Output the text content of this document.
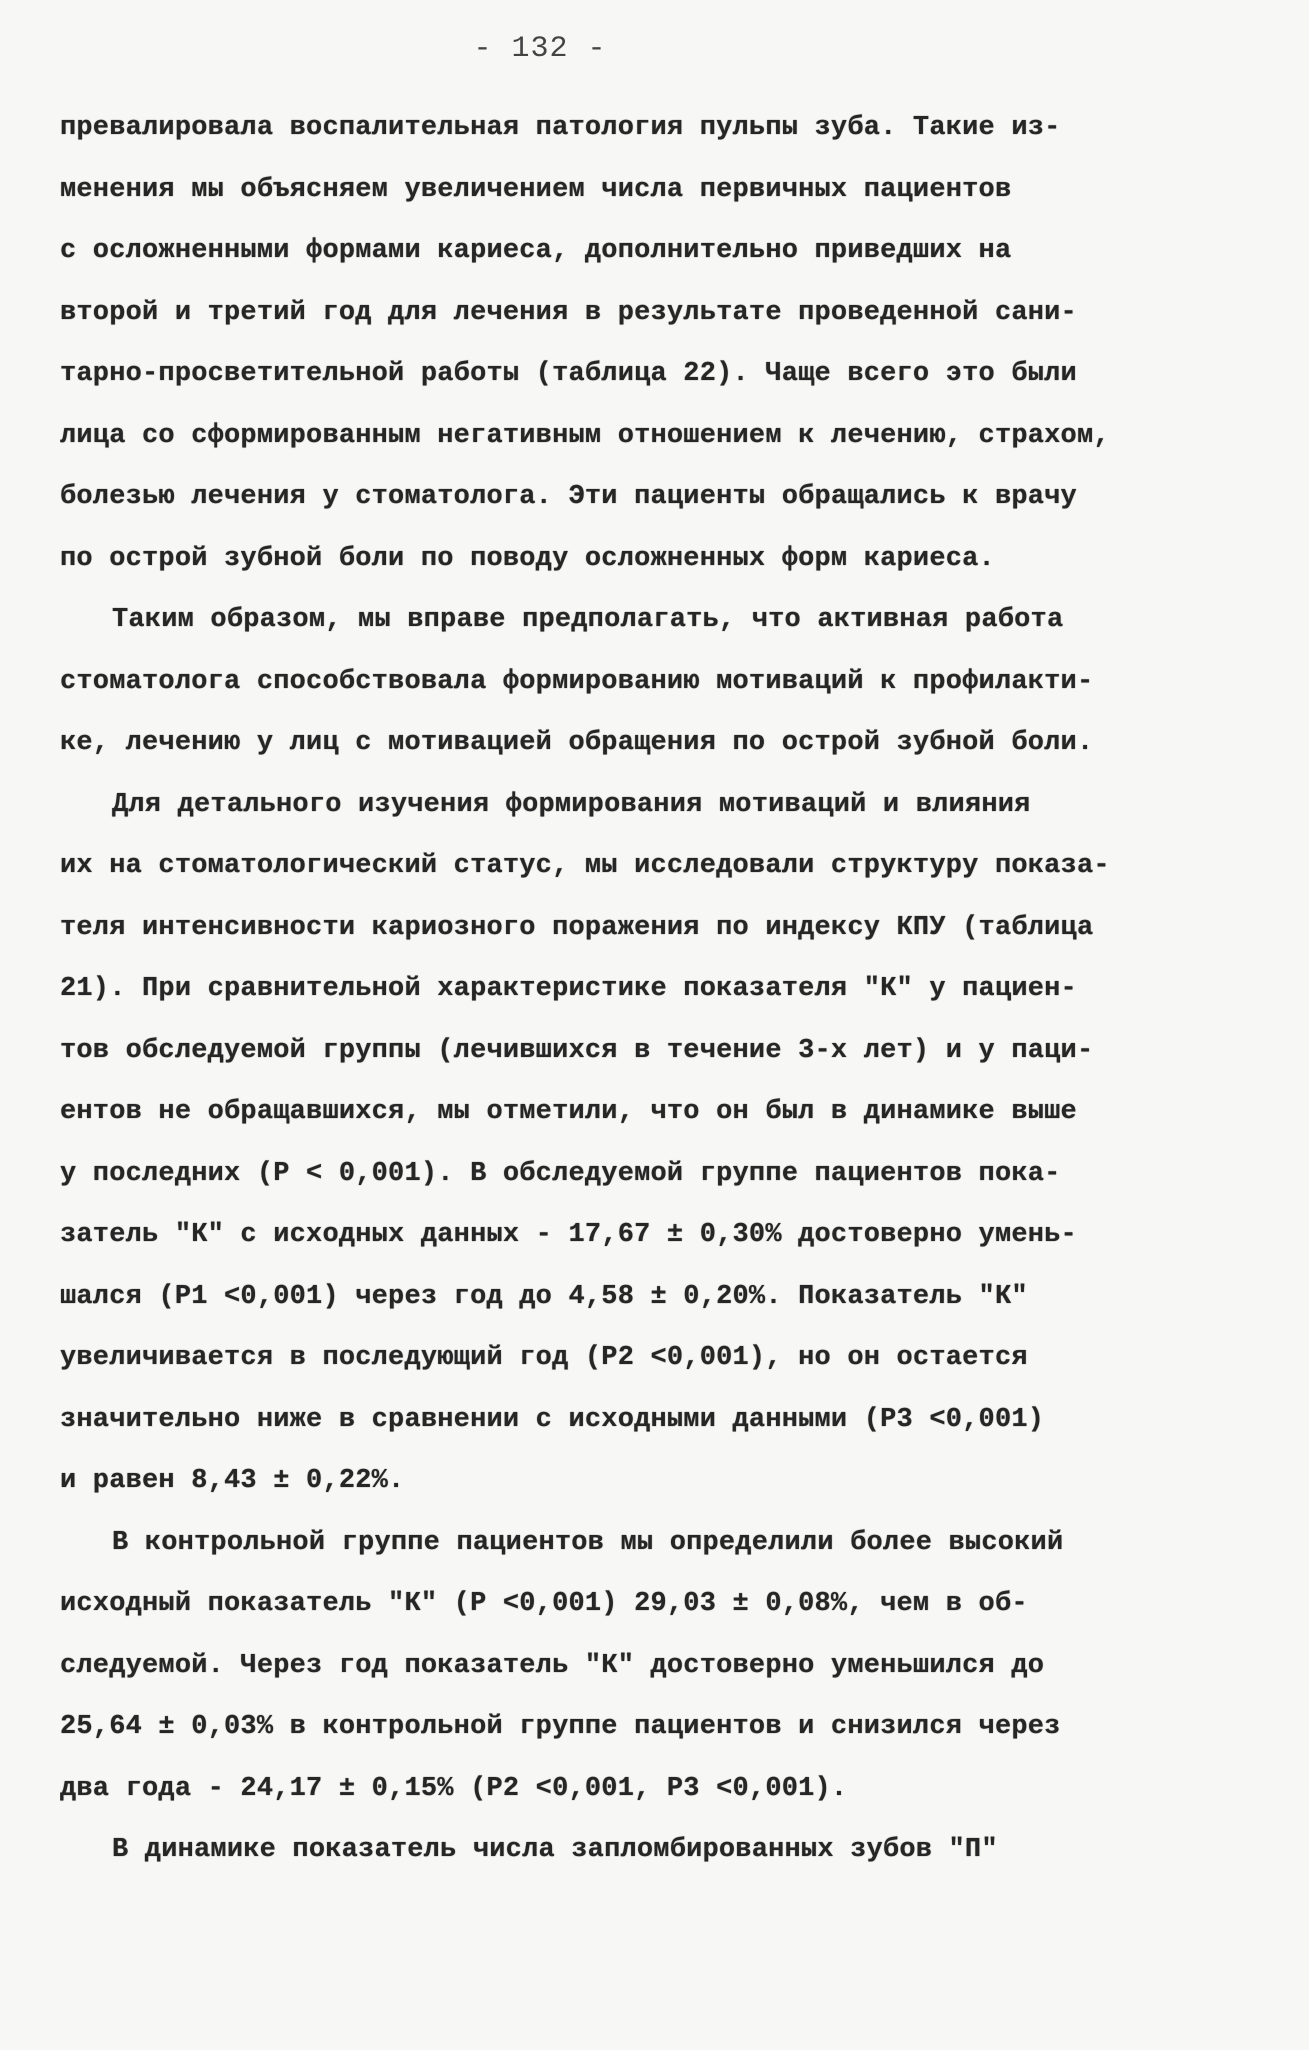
- 132 -
превалировала воспалительная патология пульпы зуба. Такие из-
менения мы объясняем увеличением числа первичных пациентов
с осложненными формами кариеса, дополнительно приведших на
второй и третий год для лечения в результате проведенной сани-
тарно-просветительной работы (таблица 22). Чаще всего это были
лица со сформированным негативным отношением к лечению, страхом,
болезью лечения у стоматолога. Эти пациенты обращались к врачу
по острой зубной боли по поводу осложненных форм кариеса.
Таким образом, мы вправе предполагать, что активная работа
стоматолога способствовала формированию мотиваций к профилакти-
ке, лечению у лиц с мотивацией обращения по острой зубной боли.
Для детального изучения формирования мотиваций и влияния
их на стоматологический статус, мы исследовали структуру показа-
теля интенсивности кариозного поражения по индексу КПУ (таблица
21). При сравнительной характеристике показателя "К" у пациен-
тов обследуемой группы (лечившихся в течение 3-х лет) и у паци-
ентов не обращавшихся, мы отметили, что он был в динамике выше
у последних (Р < 0,001). В обследуемой группе пациентов пока-
затель "К" с исходных данных - 17,67 ± 0,30% достоверно умень-
шался (P1 <0,001) через год до 4,58 ± 0,20%. Показатель "К"
увеличивается в последующий год (P2 <0,001), но он остается
значительно ниже в сравнении с исходными данными (P3 <0,001)
и равен 8,43 ± 0,22%.
В контрольной группе пациентов мы определили более высокий
исходный показатель "К" (Р <0,001) 29,03 ± 0,08%, чем в об-
следуемой. Через год показатель "К" достоверно уменьшился до
25,64 ± 0,03% в контрольной группе пациентов и снизился через
два года - 24,17 ± 0,15% (P2 <0,001, P3 <0,001).
В динамике показатель числа запломбированных зубов "П"
